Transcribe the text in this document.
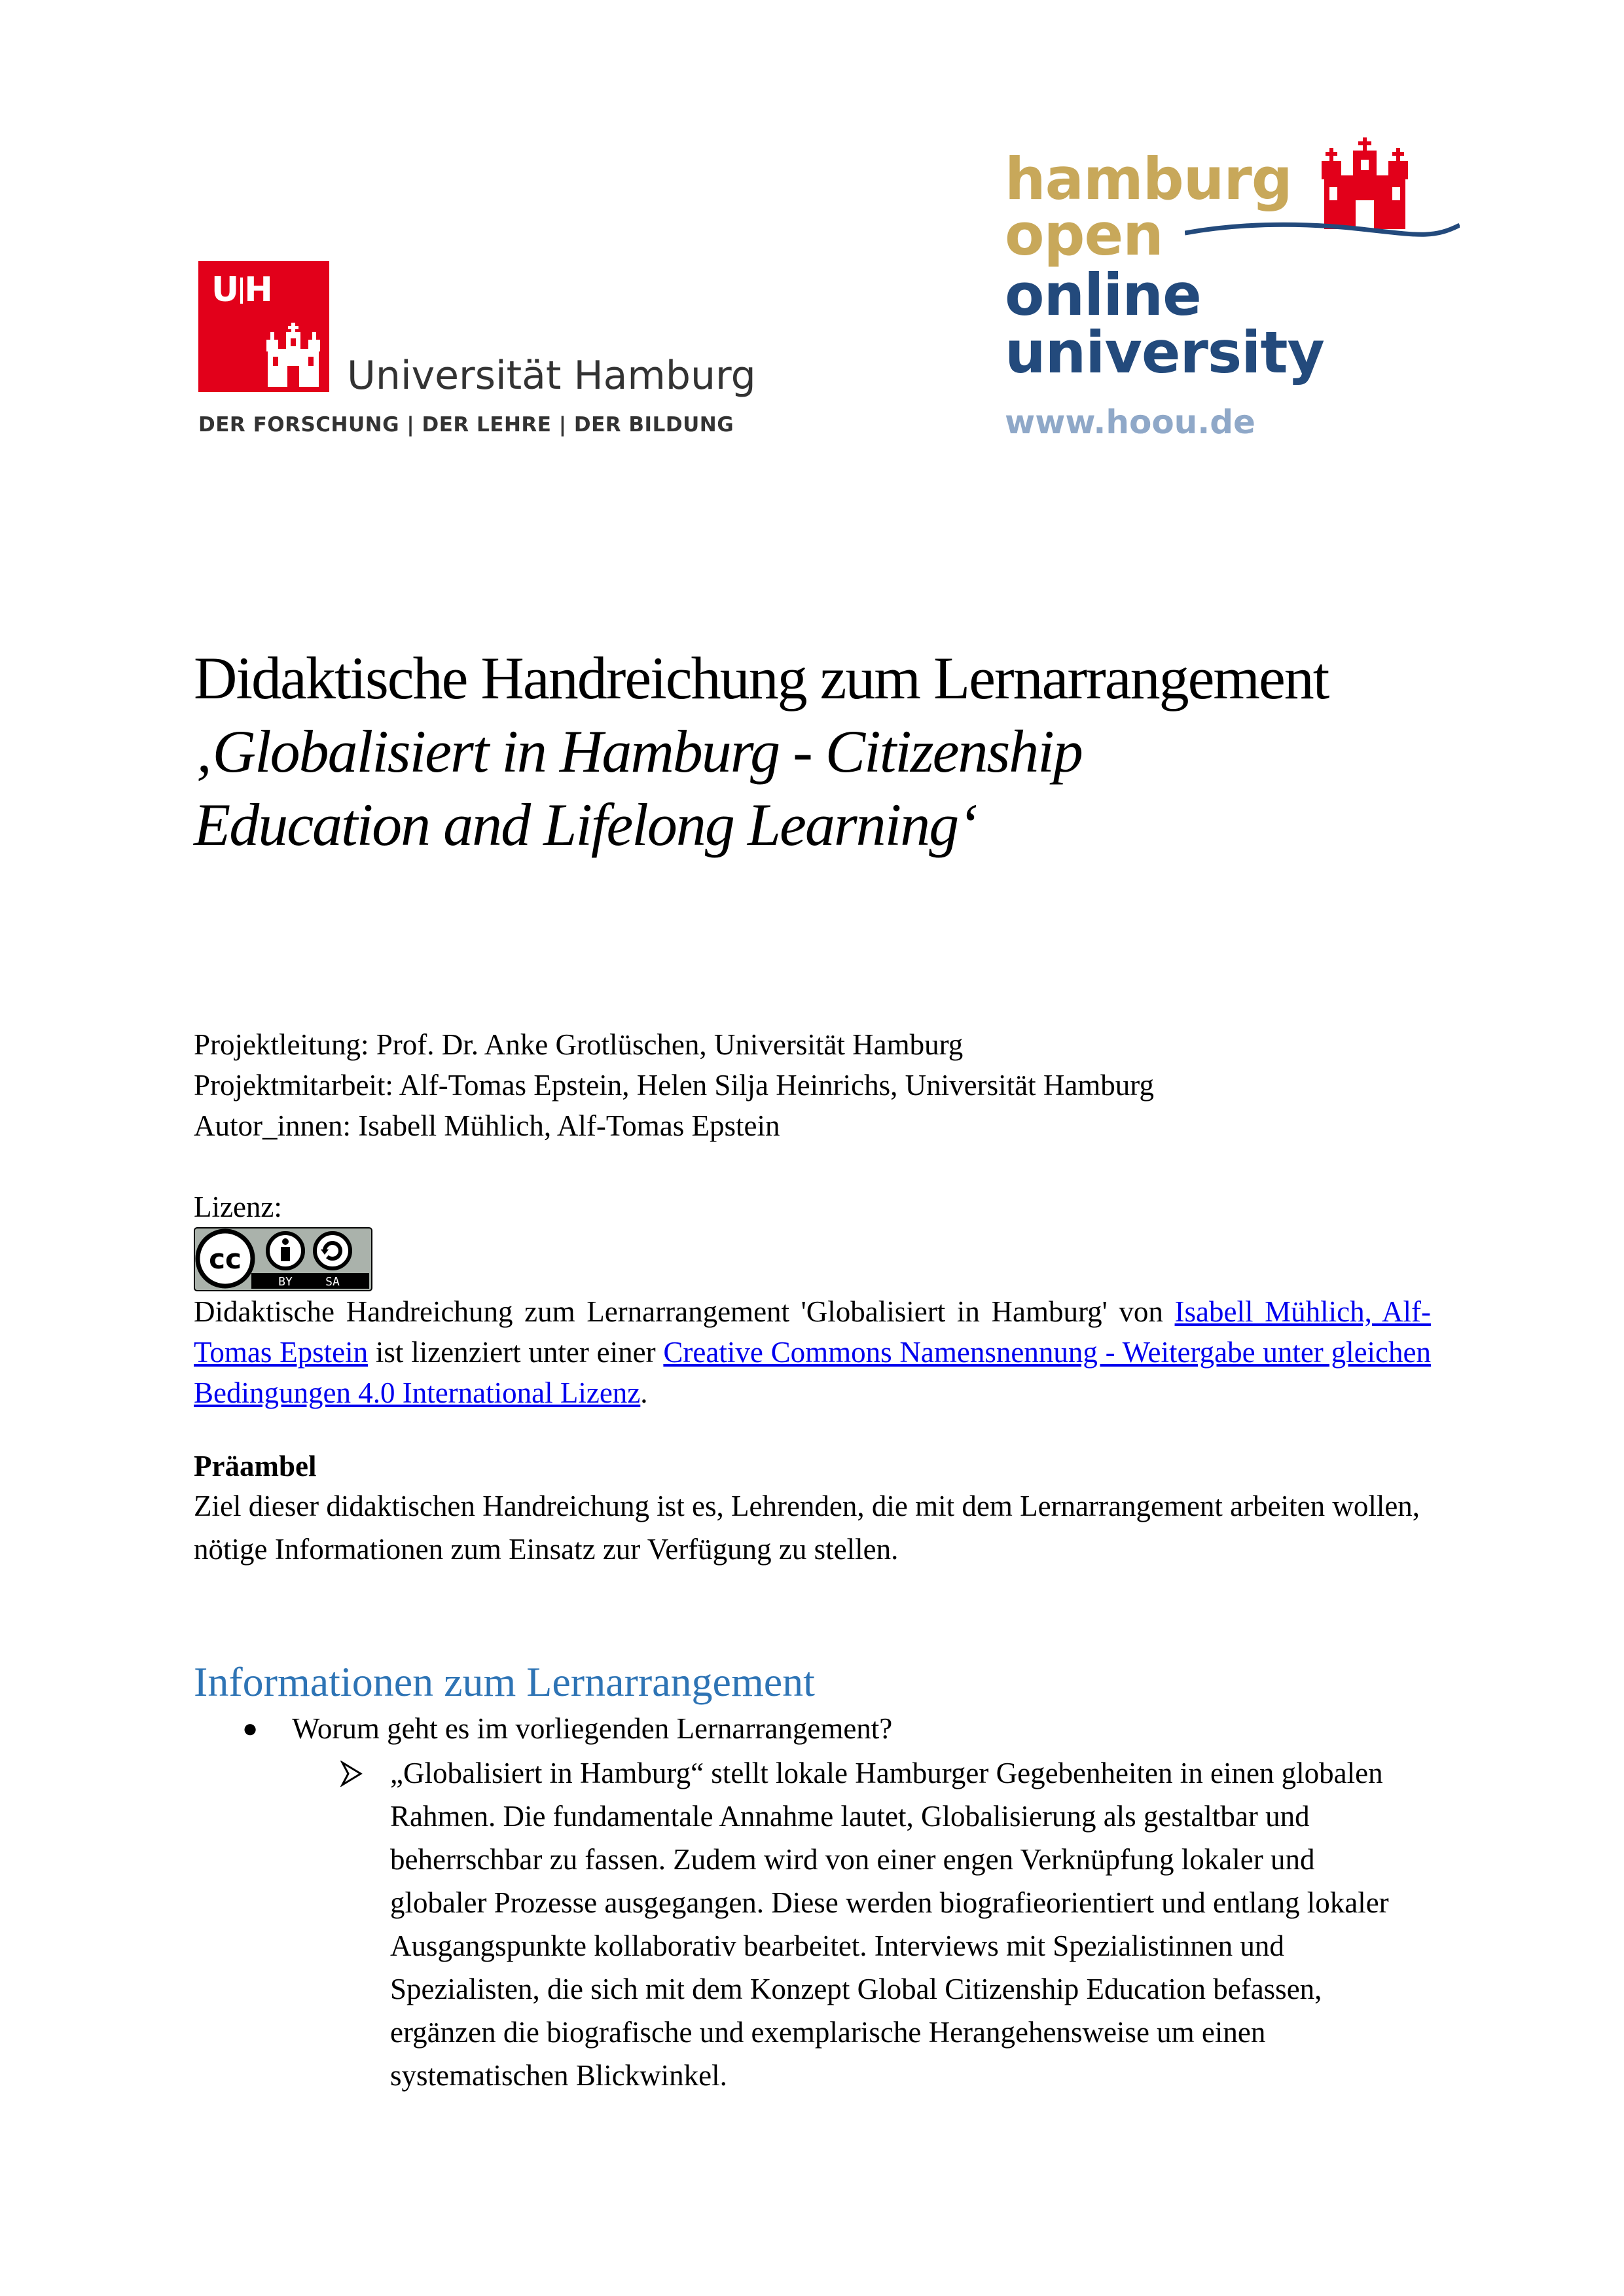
U H
Universität Hamburg
DER FORSCHUNG | DER LEHRE | DER BILDUNG
hamburg
open
online
university
www.hoou.de
Didaktische Handreichung zum Lernarrangement
‚Globalisiert in Hamburg - Citizenship
Education and Lifelong Learning‘
Projektleitung: Prof. Dr. Anke Grotlüschen, Universität Hamburg
Projektmitarbeit: Alf-Tomas Epstein, Helen Silja Heinrichs, Universität Hamburg
Autor_innen: Isabell Mühlich, Alf-Tomas Epstein
Lizenz:
cc
BY	SA
Didaktische Handreichung zum Lernarrangement 'Globalisiert in Hamburg' von Isabell Mühlich, Alf-Tomas Epstein ist lizenziert unter einer Creative Commons Namensnennung - Weitergabe unter gleichen Bedingungen 4.0 International Lizenz.
Präambel
Ziel dieser didaktischen Handreichung ist es, Lehrenden, die mit dem Lernarrangement arbeiten wollen, nötige Informationen zum Einsatz zur Verfügung zu stellen.
Informationen zum Lernarrangement
● Worum geht es im vorliegenden Lernarrangement?
„Globalisiert in Hamburg“ stellt lokale Hamburger Gegebenheiten in einen globalen Rahmen. Die fundamentale Annahme lautet, Globalisierung als gestaltbar und beherrschbar zu fassen. Zudem wird von einer engen Verknüpfung lokaler und globaler Prozesse ausgegangen. Diese werden biografieorientiert und entlang lokaler Ausgangspunkte kollaborativ bearbeitet. Interviews mit Spezialistinnen und Spezialisten, die sich mit dem Konzept Global Citizenship Education befassen, ergänzen die biografische und exemplarische Herangehensweise um einen systematischen Blickwinkel.
